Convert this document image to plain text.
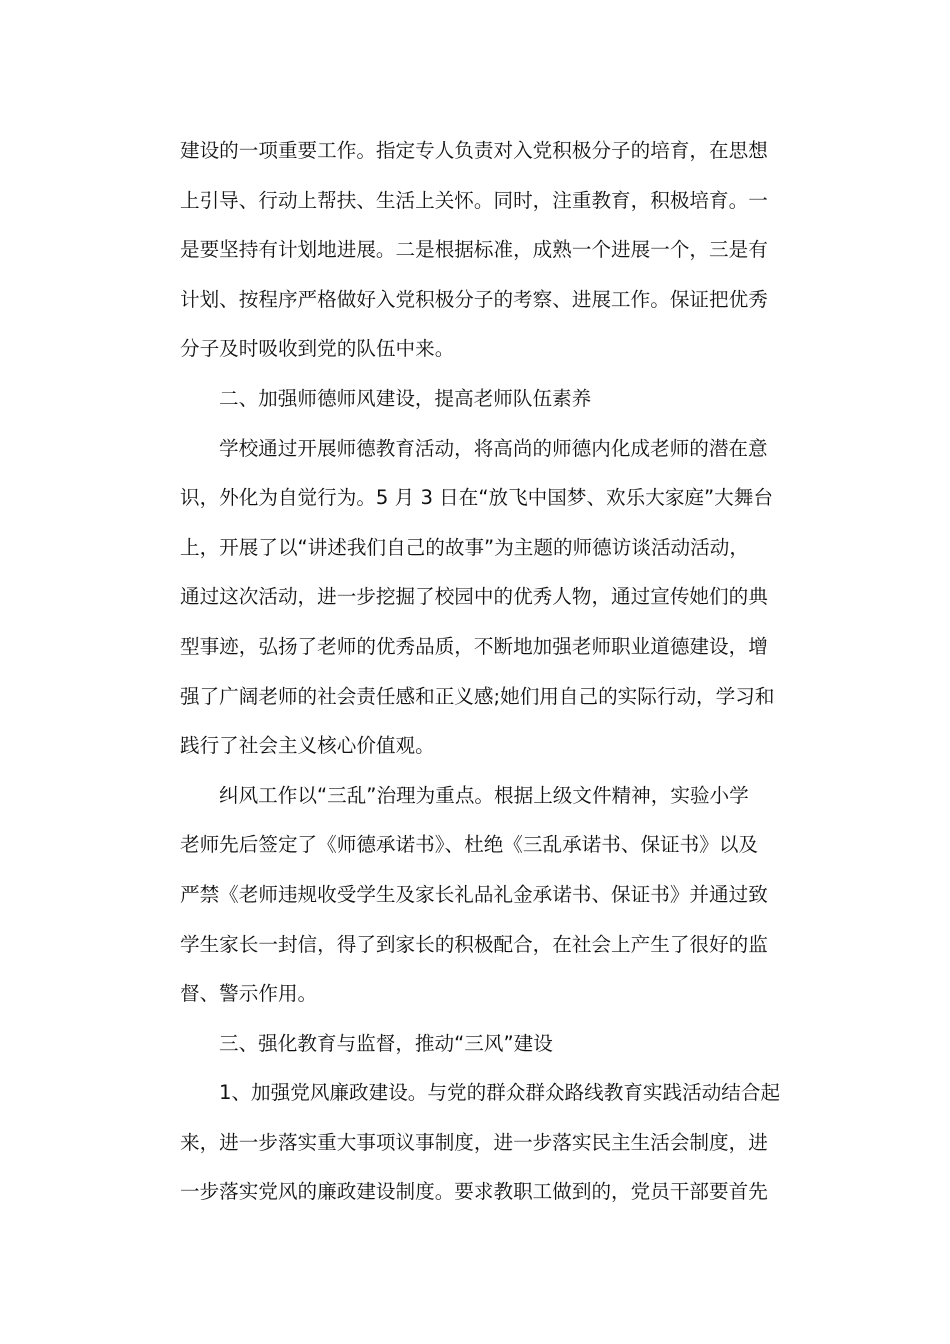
建设的一项重要工作。指定专人负责对入党积极分子的培育，在思想
上引导、行动上帮扶、生活上关怀。同时，注重教育，积极培育。一
是要坚持有计划地进展。二是根据标准，成熟一个进展一个，三是有
计划、按程序严格做好入党积极分子的考察、进展工作。保证把优秀
分子及时吸收到党的队伍中来。
二、加强师德师风建设，提高老师队伍素养
学校通过开展师德教育活动，将高尚的师德内化成老师的潜在意
识，外化为自觉行为。5 月 3 日在“放飞中国梦、欢乐大家庭”大舞台
上，开展了以“讲述我们自己的故事”为主题的师德访谈活动活动，
通过这次活动，进一步挖掘了校园中的优秀人物，通过宣传她们的典
型事迹，弘扬了老师的优秀品质，不断地加强老师职业道德建设，增
强了广阔老师的社会责任感和正义感;她们用自己的实际行动，学习和
践行了社会主义核心价值观。
纠风工作以“三乱”治理为重点。根据上级文件精神，实验小学
老师先后签定了《师德承诺书》、杜绝《三乱承诺书、保证书》以及
严禁《老师违规收受学生及家长礼品礼金承诺书、保证书》并通过致
学生家长一封信，得了到家长的积极配合，在社会上产生了很好的监
督、警示作用。
三、强化教育与监督，推动“三风”建设
1、加强党风廉政建设。与党的群众群众路线教育实践活动结合起
来，进一步落实重大事项议事制度，进一步落实民主生活会制度，进
一步落实党风的廉政建设制度。要求教职工做到的，党员干部要首先
